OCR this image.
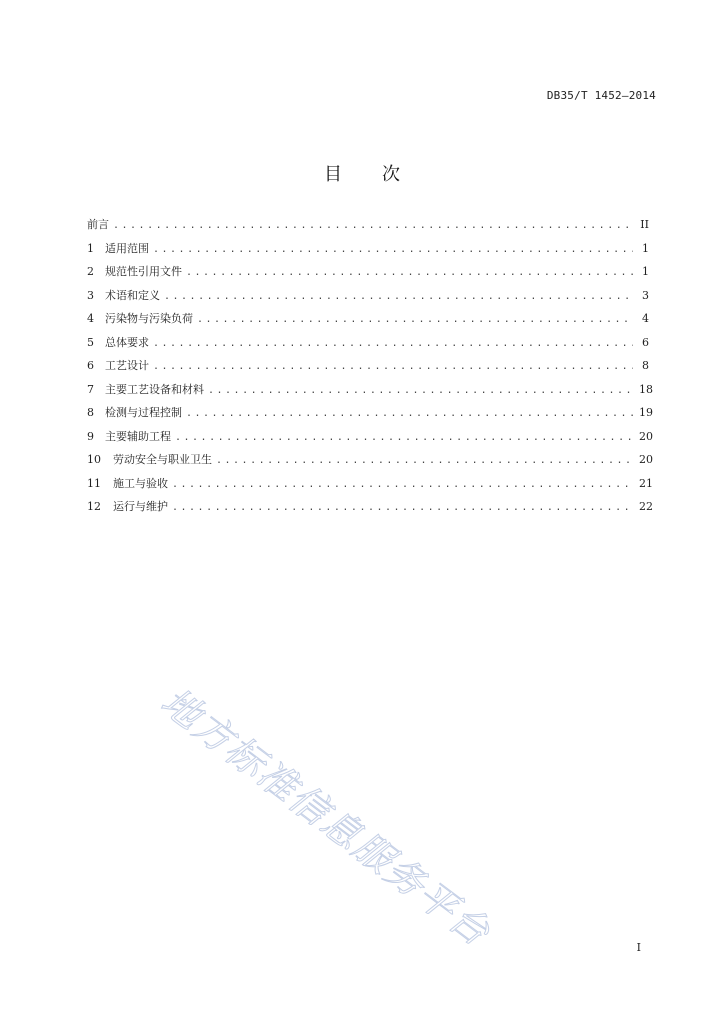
DB35/T 1452—2014
目 次
前言 .....	II
1	适用范围 .....	1
2	规范性引用文件 .....	1
3	术语和定义 .....	3
4	污染物与污染负荷 .....	4
5	总体要求 .....	6
6	工艺设计 .....	8
7	主要工艺设备和材料 .....	18
8	检测与过程控制 .....	19
9	主要辅助工程 .....	20
10	劳动安全与职业卫生 .....	20
11	施工与验收 .....	21
12	运行与维护 .....	22
地方标准信息服务平台	I
